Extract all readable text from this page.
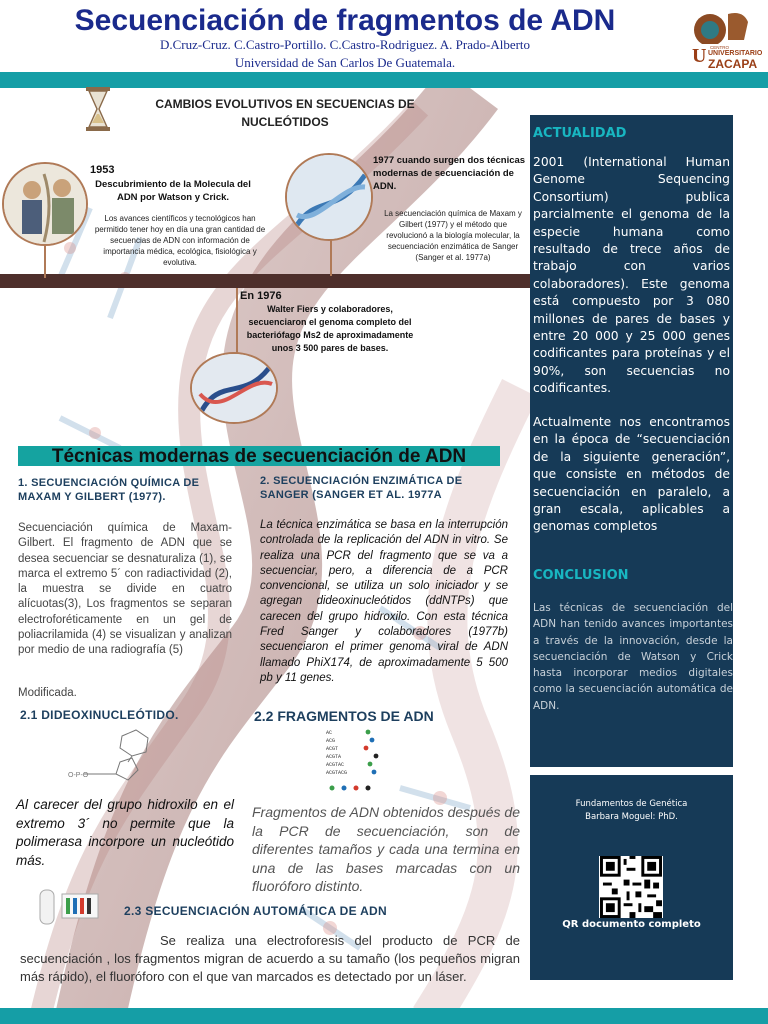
Secuenciación de fragmentos de ADN
D.Cruz-Cruz. C.Castro-Portillo. C.Castro-Rodriguez. A. Prado-Alberto
Universidad de San Carlos De Guatemala.	U CENTRO
UNIVERSITARIO
ZACAPA
CAMBIOS EVOLUTIVOS EN SECUENCIAS DE NUCLEÓTIDOS
1953
Descubrimiento de la Molecula del ADN por Watson y Crick.
Los avances científicos y tecnológicos han permitido tener hoy en día una gran cantidad de secuencias de ADN con información de importancia médica, ecológica, fisiológica y evolutiva.
1977 cuando surgen dos técnicas modernas de secuenciación de ADN.
La secuenciación química de Maxam y Gilbert (1977) y el método que revolucionó a la biología molecular, la secuenciación enzimática de Sanger (Sanger et al. 1977a)
En 1976
Walter Fiers y colaboradores, secuenciaron el genoma completo del bacteriófago Ms2 de aproximadamente unos 3 500 pares de bases.
Técnicas modernas de secuenciación de ADN
1. SECUENCIACIÓN QUÍMICA DE MAXAM Y GILBERT (1977).
Secuenciación química de Maxam-Gilbert. El fragmento de ADN que se desea secuenciar se desnaturaliza (1), se marca el extremo 5´ con radiactividad (2), la muestra se divide en cuatro alícuotas(3), Los fragmentos se separan electroforéticamente en un gel de poliacrilamida (4) se visualizan y analizan por medio de una radiografía (5)
Modificada.
2.1 DIDEOXINUCLEÓTIDO.
O-P-O
Al carecer del grupo hidroxilo en el extremo 3´ no permite que la polimerasa incorpore un nucleótido más.
2. SECUENCIACIÓN ENZIMÁTICA DE SANGER (SANGER ET AL. 1977A
La técnica enzimática se basa en la interrupción controlada de la replicación del ADN in vitro. Se realiza una PCR del fragmento que se va a secuenciar, pero, a diferencia de a PCR convencional, se utiliza un solo iniciador y se agregan dideoxinucleótidos (ddNTPs) que carecen del grupo hidroxilo. Con esta técnica Fred Sanger y colaboradores (1977b) secuenciaron el primer genoma viral de ADN llamado PhiX174, de aproximadamente 5 500 pb y 11 genes.
2.2 FRAGMENTOS DE ADN
AC
ACG
ACGT
ACGTA
ACGTAC
ACGTACG
Fragmentos de ADN obtenidos después de la PCR de secuenciación, son de diferentes tamaños y cada una termina en una de las bases marcadas con un fluoróforo distinto.
2.3 SECUENCIACIÓN AUTOMÁTICA DE ADN
Se realiza una electroforesis del producto de PCR de secuenciación , los fragmentos migran de acuerdo a su tamaño (los pequeños migran más rápido), el fluoróforo con el que van marcados es detectado por un láser.
ACTUALIDAD
2001 (International Human Genome Sequencing Consortium) publica parcialmente el genoma de la especie humana como resultado de trece años de trabajo con varios colaboradores). Este genoma está compuesto por 3 080 millones de pares de bases y entre 20 000 y 25 000 genes codificantes para proteínas y el 90%, son secuencias no codificantes.
Actualmente nos encontramos en la época de “secuenciación de la siguiente generación”, que consiste en métodos de secuenciación en paralelo, a gran escala, aplicables a genomas completos
CONCLUSION
Las técnicas de secuenciación del ADN han tenido avances importantes a través de la innovación, desde la secuenciación de Watson y Crick hasta incorporar medios digitales como la secuenciación automática de ADN.
Fundamentos de Genética
Barbara Moguel: PhD.
QR documento completo
